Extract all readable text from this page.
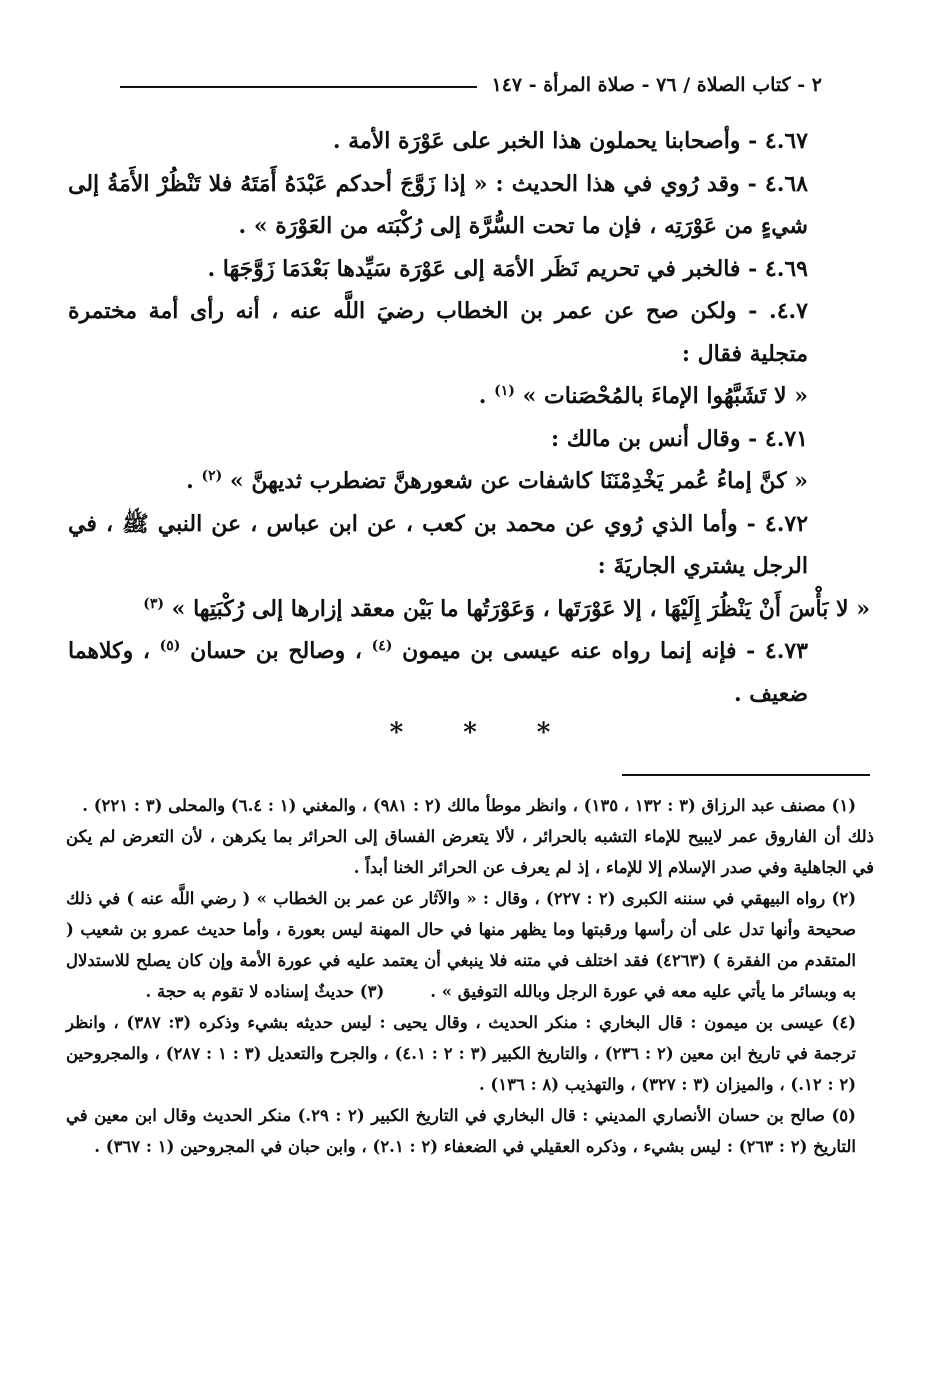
٢ - كتاب الصلاة / ٧٦ - صلاة المرأة - ١٤٧

٤.٦٧ - وأصحابنا يحملون هذا الخبر على عَوْرَة الأمة .

٤.٦٨ - وقد رُوي في هذا الحديث : « إذا زَوَّجَ أحدكم عَبْدَهُ أَمَتَهُ فلا تَنْظُرْ الأَمَةُ إلى شيءٍ من عَوْرَتِه ، فإن ما تحت السُّرَّة إلى رُكْبَته من العَوْرَة » .

٤.٦٩ - فالخبر في تحريم نَظَر الأمَة إلى عَوْرَة سَيِّدها بَعْدَمَا زَوَّجَهَا .

٤.٧. - ولكن صح عن عمر بن الخطاب رضيَ اللَّه عنه ، أنه رأى أمة مختمرة متجلية فقال :

« لا تَشَبَّهُوا الإماءَ بالمُحْصَنات » $^{(١)}$ .

٤.٧١ - وقال أنس بن مالك :

« كنَّ إماءُ عُمر يَخْدِمْنَنَا كاشفات عن شعورهنَّ تضطرب ثديهنَّ » $^{(٢)}$ .

٤.٧٢ - وأما الذي رُوي عن محمد بن كعب ، عن ابن عباس ، عن النبي ﷺ ، في الرجل يشتري الجاريَةَ :

« لا بَأْسَ أَنْ يَنْظُرَ إِلَيْهَا ، إلا عَوْرَتَها ، وَعَوْرَتُها ما بَيْن معقد إزارها إلى رُكْبَتِها » $^{(٣)}$

٤.٧٣ - فإنه إنما رواه عنه عيسى بن ميمون $^{(٤)}$ ، وصالح بن حسان $^{(٥)}$ ، وكلاهما ضعيف .

***

(١) مصنف عبد الرزاق (٣ : ١٣٢ ، ١٣٥) ، وانظر موطأ مالك (٢ : ٩٨١) ، والمغني (١ : ٦.٤) والمحلى (٣ : ٢٢١) .

ذلك أن الفاروق عمر لايبيح للإماء التشبه بالحرائر ، لألا يتعرض الفساق إلى الحرائر بما يكرهن ، لأن التعرض لم يكن في الجاهلية وفي صدر الإسلام إلا للإماء ، إذ لم يعرف عن الحرائر الخنا أبداً .

(٢) رواه البيهقي في سننه الكبرى (٢ : ٢٢٧) ، وقال : « والآثار عن عمر بن الخطاب » ( رضي اللَّه عنه ) في ذلك صحيحة وأنها تدل على أن رأسها ورقبتها وما يظهر منها في حال المهنة ليس بعورة ، وأما حديث عمرو بن شعيب ( المتقدم من الفقرة ) (٤٢٦٣) فقد اختلف في متنه فلا ينبغي أن يعتمد عليه في عورة الأمة وإن كان يصلح للاستدلال به وبسائر ما يأتي عليه معه في عورة الرجل وبالله التوفيق » .        (٣) حديثٌ إسناده لا تقوم به حجة .

(٤) عيسى بن ميمون : قال البخاري : منكر الحديث ، وقال يحيى : ليس حديثه بشيء وذكره (٣: ٣٨٧) ، وانظر ترجمة في تاريخ ابن معين (٢ : ٢٣٦) ، والتاريخ الكبير (٣ : ٢ : ٤.١) ، والجرح والتعديل (٣ : ١ : ٢٨٧) ، والمجروحين (٢ : ١٢.) ، والميزان (٣ : ٣٢٧) ، والتهذيب (٨ : ١٣٦) .

(٥) صالح بن حسان الأنصاري المديني : قال البخاري في التاريخ الكبير (٢ : ٢٩.) منكر الحديث وقال ابن معين في التاريخ (٢ : ٢٦٣) : ليس بشيء ، وذكره العقيلي في الضعفاء (٢ : ٢.١) ، وابن حبان في المجروحين (١ : ٣٦٧) .
